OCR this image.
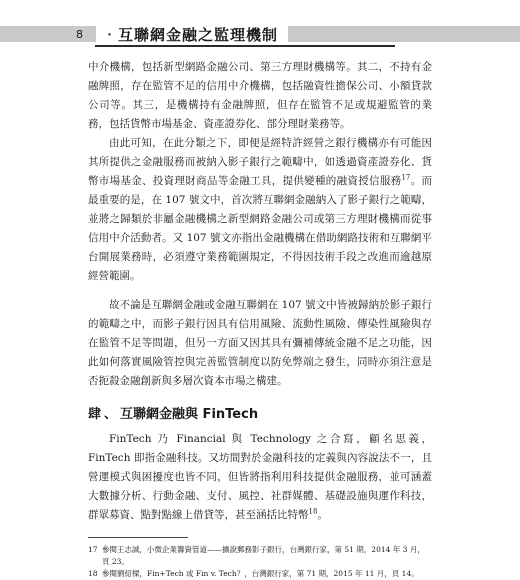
8	‧互聯網金融之監理機制

中介機構，包括新型網路金融公司、第三方理財機構等。其二，不持有金融牌照，存在監管不足的信用中介機構，包括融資性擔保公司、小額貸款公司等。其三，是機構持有金融牌照，但存在監管不足或規避監管的業務，包括貨幣市場基金、資產證券化、部分理財業務等。

由此可知，在此分類之下，即便是經特許經營之銀行機構亦有可能因其所提供之金融服務而被納入影子銀行之範疇中，如透過資產證券化、貨幣市場基金、投資理財商品等金融工具，提供變種的融資授信服務$^{17}$。而最重要的是，在 107 號文中，首次將互聯網金融納入了影子銀行之範疇，並將之歸類於非屬金融機構之新型網路金融公司或第三方理財機構而從事信用中介活動者。又 107 號文亦指出金融機構在借助網路技術和互聯網平台開展業務時，必須遵守業務範圍規定，不得因技術手段之改進而逾越原經營範圍。

故不論是互聯網金融或金融互聯網在 107 號文中皆被歸納於影子銀行的範疇之中，而影子銀行因具有信用風險、流動性風險、傳染性風險與存在監管不足等問題，但另一方面又因其具有彌補傳統金融不足之功能，因此如何落實風險管控與完善監管制度以防免弊端之發生，同時亦須注意是否扼殺金融創新與多層次資本市場之構建。

肆 、 互聯網金融與 FinTech

FinTech 乃 Financial 與 Technology 之合寫，顧名思義，FinTech 即指金融科技。又坊間對於金融科技的定義與內容說法不一，且營運模式與困擾度也皆不同，但皆將指利用科技提供金融服務，並可涵蓋大數據分析、行動金融、支付、風控、社群媒體、基礎設施與運作科技，群眾募資、點對點線上借貸等，甚至涵括比特幣$^{18}$。

17 參閱王志誠，小微企業籌資管道——擴說郵務影子銀行，台灣銀行家，第 51 期，2014 年 3 月，頁 23。
18 參閱劉紹樑，Fin+Tech 或 Fin v. Tech？，台灣銀行家，第 71 期，2015 年 11 月，頁 14。
